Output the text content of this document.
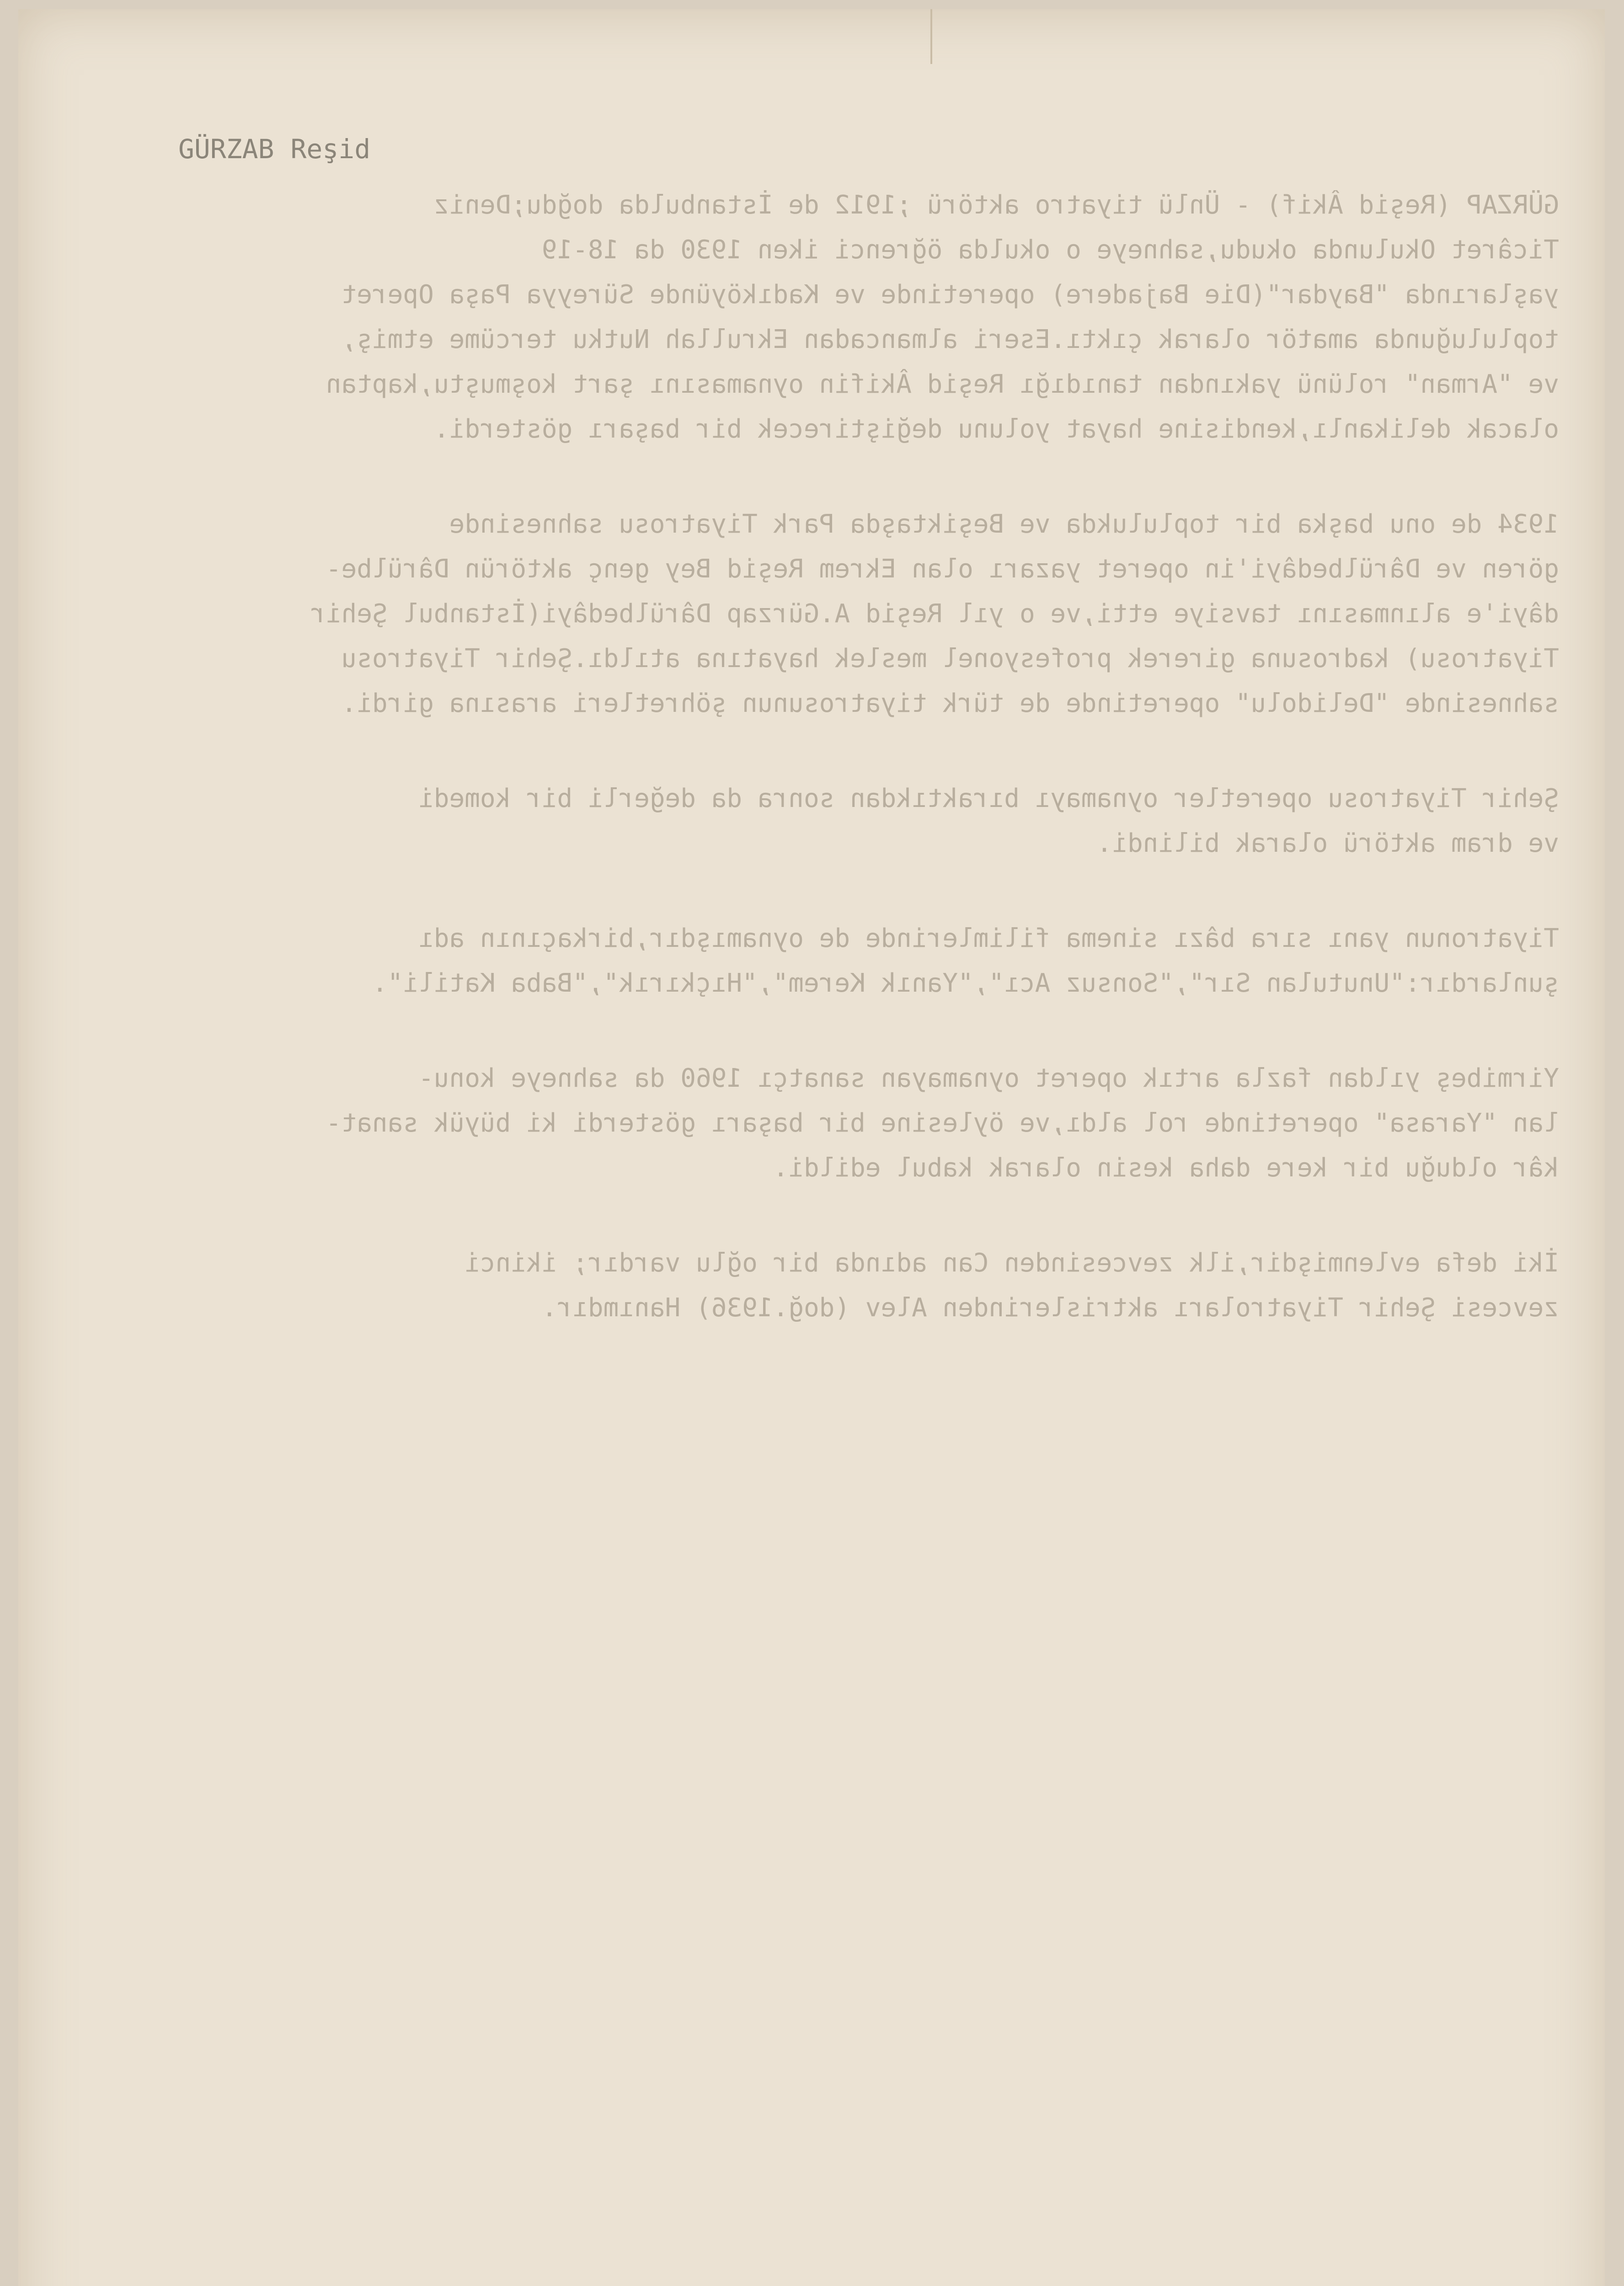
GÜRZAB Reşid
GÜRZAP (Reşid Âkif) - Ünlü tiyatro aktörü ;1912 de İstanbulda doğdu;Deniz
Ticâret Okulunda okudu,sahneye o okulda öğrenci iken 1930 da 18-19
yaşlarında "Baydar"(Die Bajadere) operetinde ve Kadıköyünde Süreyya Paşa Operet
topluluğunda amatör olarak çıktı.Eseri almancadan Ekrullah Nutku tercüme etmiş,
ve "Arman" rolünü yakından tanıdığı Reşid Âkifin oynamasını şart koşmuştu,kaptan
olacak delikanlı,kendisine hayat yolunu değiştirecek bir başarı gösterdi.
1934 de onu başka bir toplulukda ve Beşiktaşda Park Tiyatrosu sahnesinde
gören ve Dârülbedâyi'in operet yazarı olan Ekrem Reşid Bey genç aktörün Dârülbe-
dâyi'e alınmasını tavsiye etti,ve o yıl Reşid A.Gürzap Dârülbedâyi(İstanbul Şehir
Tiyatrosu) kadrosuna girerek profesyonel meslek hayatına atıldı.Şehir Tiyatrosu
sahnesinde "Delidolu" operetinde de türk tiyatrosunun şöhretleri arasına girdi.
Şehir Tiyatrosu operetler oynamayı bıraktıkdan sonra da değerli bir komedi
ve dram aktörü olarak bilindi.
Tiyatronun yanı sıra bâzı sinema filimlerinde de oynamışdır,birkaçının adı
şunlardır:"Unutulan Sır","Sonsuz Acı","Yanık Kerem","Hıçkırık","Baba Katili".
Yirmibeş yıldan fazla artık operet oynamayan sanatçı 1960 da sahneye konu-
lan "Yarasa" operetinde rol aldı,ve öylesine bir başarı gösterdi ki büyük sanat-
kâr olduğu bir kere daha kesin olarak kabul edildi.
İki defa evlenmişdir,ilk zevcesinden Can adında bir oğlu vardır; ikinci
zevcesi Şehir Tiyatroları aktrislerinden Alev (doğ.1936) Hanımdır.
